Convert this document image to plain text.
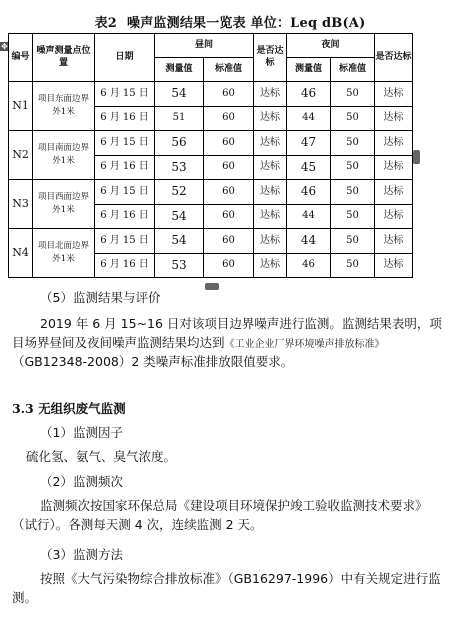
表2 噪声监测结果一览表 单位：Leq dB(A)
✥
编号	噪声测量点位置	日期	昼间		是否达标	夜间		是否达标
			测量值	标准值		测量值	标准值	
N1	项目东面边界外1米	6 月 15 日	54	60	达标	46	50	达标
		6 月 16 日	51	60	达标	44	50	达标
N2	项目南面边界外1米	6 月 15 日	56	60	达标	47	50	达标
		6 月 16 日	53	60	达标	45	50	达标
N3	项目西面边界外1米	6 月 15 日	52	60	达标	46	50	达标
		6 月 16 日	54	60	达标	44	50	达标
N4	项目北面边界外1米	6 月 15 日	54	60	达标	44	50	达标
		6 月 16 日	53	60	达标	46	50	达标
（5）监测结果与评价
2019 年 6 月 15~16 日对该项目边界噪声进行监测。监测结果表明，项目场界昼间及夜间噪声监测结果均达到《工业企业厂界环境噪声排放标准》（GB12348-2008）2 类噪声标准排放限值要求。
3.3 无组织废气监测
（1）监测因子
硫化氢、氨气、臭气浓度。
（2）监测频次
监测频次按国家环保总局《建设项目环境保护竣工验收监测技术要求》（试行）。各测每天测 4 次，连续监测 2 天。
（3）监测方法
按照《大气污染物综合排放标准》（GB16297-1996）中有关规定进行监测。
